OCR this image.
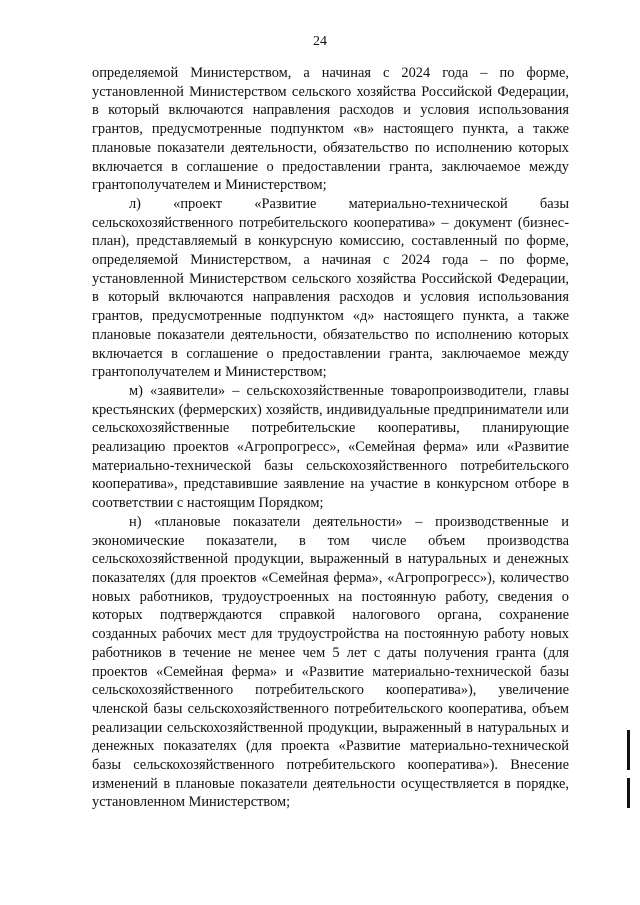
24

определяемой Министерством, а начиная с 2024 года – по форме, установленной Министерством сельского хозяйства Российской Федерации, в который включаются направления расходов и условия использования грантов, предусмотренные подпунктом «в» настоящего пункта, а также плановые показатели деятельности, обязательство по исполнению которых включается в соглашение о предоставлении гранта, заключаемое между грантополучателем и Министерством;

л) «проект «Развитие материально-технической базы сельскохозяйственного потребительского кооператива» – документ (бизнес-план), представляемый в конкурсную комиссию, составленный по форме, определяемой Министерством, а начиная с 2024 года – по форме, установленной Министерством сельского хозяйства Российской Федерации, в который включаются направления расходов и условия использования грантов, предусмотренные подпунктом «д» настоящего пункта, а также плановые показатели деятельности, обязательство по исполнению которых включается в соглашение о предоставлении гранта, заключаемое между грантополучателем и Министерством;

м) «заявители» – сельскохозяйственные товаропроизводители, главы крестьянских (фермерских) хозяйств, индивидуальные предприниматели или сельскохозяйственные потребительские кооперативы, планирующие реализацию проектов «Агропрогресс», «Семейная ферма» или «Развитие материально-технической базы сельскохозяйственного потребительского кооператива», представившие заявление на участие в конкурсном отборе в соответствии с настоящим Порядком;

н) «плановые показатели деятельности» – производственные и экономические показатели, в том числе объем производства сельскохозяйственной продукции, выраженный в натуральных и денежных показателях (для проектов «Семейная ферма», «Агропрогресс»), количество новых работников, трудоустроенных на постоянную работу, сведения о которых подтверждаются справкой налогового органа, сохранение созданных рабочих мест для трудоустройства на постоянную работу новых работников в течение не менее чем 5 лет с даты получения гранта (для проектов «Семейная ферма» и «Развитие материально-технической базы сельскохозяйственного потребительского кооператива»), увеличение членской базы сельскохозяйственного потребительского кооператива, объем реализации сельскохозяйственной продукции, выраженный в натуральных и денежных показателях (для проекта «Развитие материально-технической базы сельскохозяйственного потребительского кооператива»). Внесение изменений в плановые показатели деятельности осуществляется в порядке, установленном Министерством;
